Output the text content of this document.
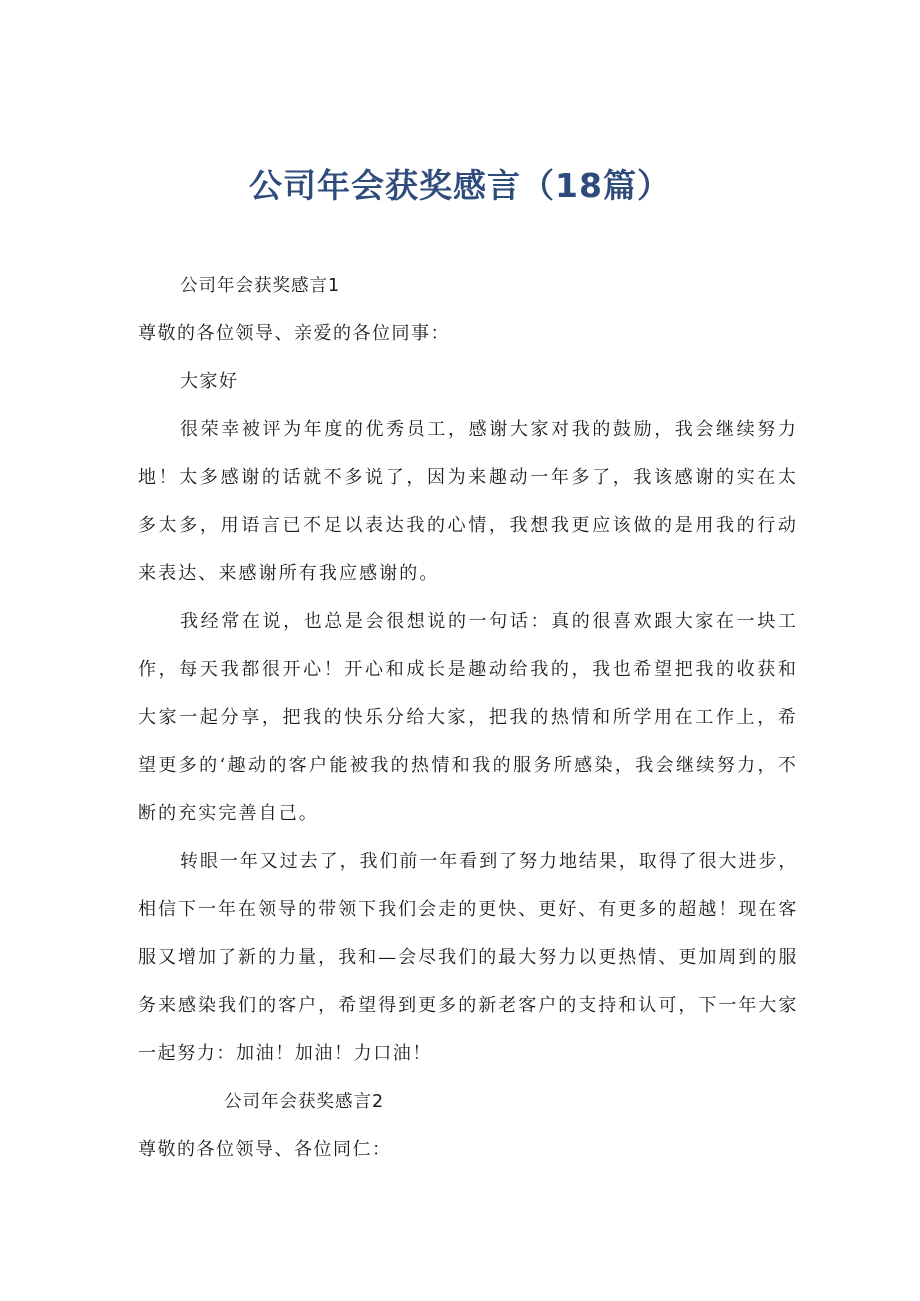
公司年会获奖感言（18篇）

公司年会获奖感言1

尊敬的各位领导、亲爱的各位同事：

大家好

很荣幸被评为年度的优秀员工，感谢大家对我的鼓励，我会继续努力地！太多感谢的话就不多说了，因为来趣动一年多了，我该感谢的实在太多太多，用语言已不足以表达我的心情，我想我更应该做的是用我的行动来表达、来感谢所有我应感谢的。

我经常在说，也总是会很想说的一句话：真的很喜欢跟大家在一块工作，每天我都很开心！开心和成长是趣动给我的，我也希望把我的收获和大家一起分享，把我的快乐分给大家，把我的热情和所学用在工作上，希望更多的‘趣动的客户能被我的热情和我的服务所感染，我会继续努力，不断的充实完善自己。

转眼一年又过去了，我们前一年看到了努力地结果，取得了很大进步，相信下一年在领导的带领下我们会走的更快、更好、有更多的超越！现在客服又增加了新的力量，我和—会尽我们的最大努力以更热情、更加周到的服务来感染我们的客户，希望得到更多的新老客户的支持和认可，下一年大家一起努力：加油！加油！力口油！

公司年会获奖感言2

尊敬的各位领导、各位同仁：
